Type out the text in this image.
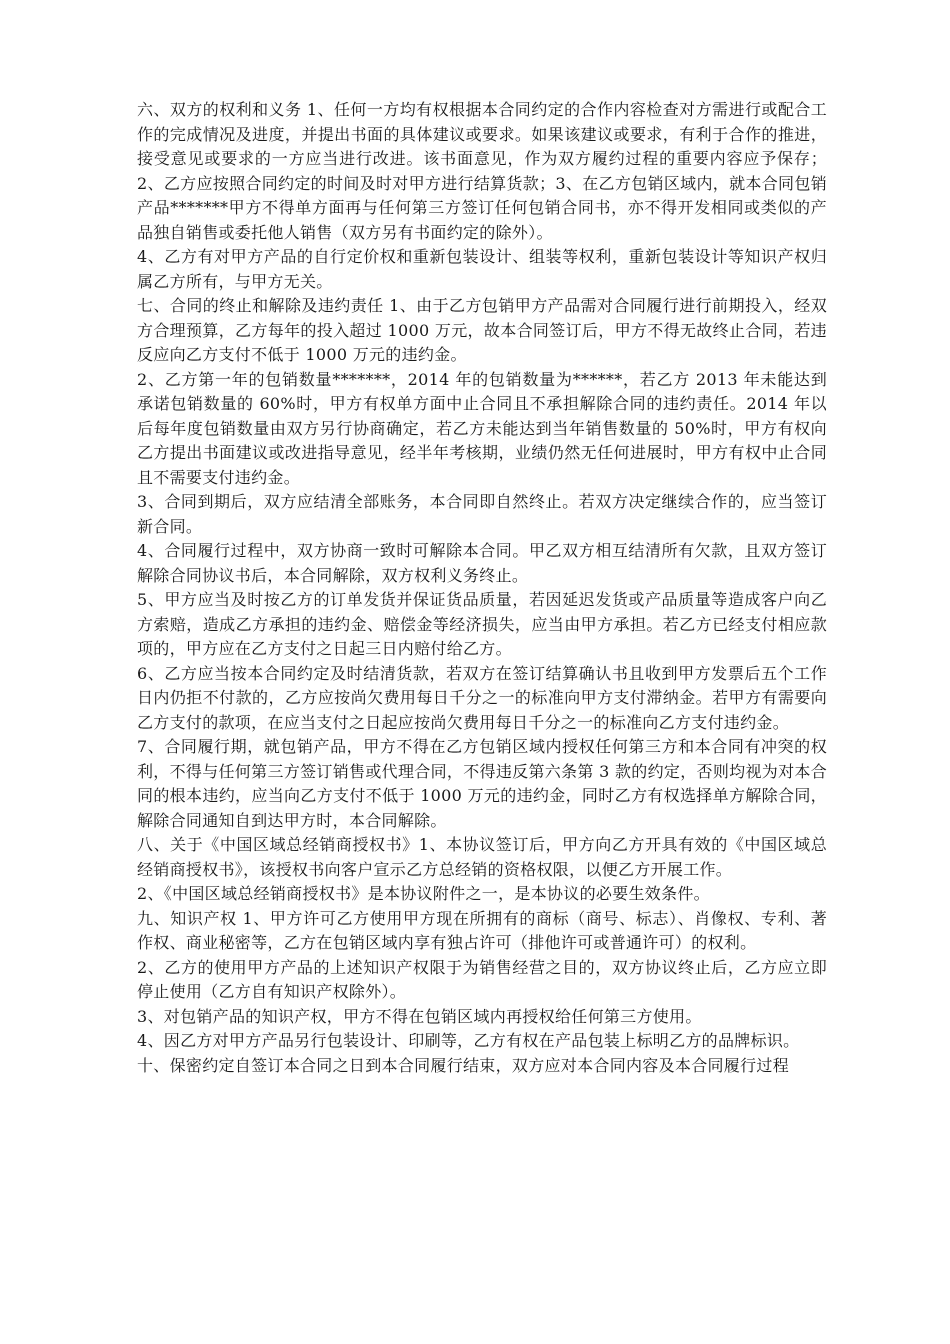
六、双方的权利和义务 1、任何一方均有权根据本合同约定的合作内容检查对方需进行或配合工作的完成情况及进度，并提出书面的具体建议或要求。如果该建议或要求，有利于合作的推进，接受意见或要求的一方应当进行改进。该书面意见，作为双方履约过程的重要内容应予保存；2、乙方应按照合同约定的时间及时对甲方进行结算货款；3、在乙方包销区域内，就本合同包销产品*******甲方不得单方面再与任何第三方签订任何包销合同书，亦不得开发相同或类似的产品独自销售或委托他人销售（双方另有书面约定的除外）。

4、乙方有对甲方产品的自行定价权和重新包装设计、组装等权利，重新包装设计等知识产权归属乙方所有，与甲方无关。

七、合同的终止和解除及违约责任 1、由于乙方包销甲方产品需对合同履行进行前期投入，经双方合理预算，乙方每年的投入超过 1000 万元，故本合同签订后，甲方不得无故终止合同，若违反应向乙方支付不低于 1000 万元的违约金。

2、乙方第一年的包销数量*******，2014 年的包销数量为******，若乙方 2013 年未能达到承诺包销数量的 60%时，甲方有权单方面中止合同且不承担解除合同的违约责任。2014 年以后每年度包销数量由双方另行协商确定，若乙方未能达到当年销售数量的 50%时，甲方有权向乙方提出书面建议或改进指导意见，经半年考核期，业绩仍然无任何进展时，甲方有权中止合同且不需要支付违约金。

3、合同到期后，双方应结清全部账务，本合同即自然终止。若双方决定继续合作的，应当签订新合同。

4、合同履行过程中，双方协商一致时可解除本合同。甲乙双方相互结清所有欠款，且双方签订解除合同协议书后，本合同解除，双方权利义务终止。

5、甲方应当及时按乙方的订单发货并保证货品质量，若因延迟发货或产品质量等造成客户向乙方索赔，造成乙方承担的违约金、赔偿金等经济损失，应当由甲方承担。若乙方已经支付相应款项的，甲方应在乙方支付之日起三日内赔付给乙方。

6、乙方应当按本合同约定及时结清货款，若双方在签订结算确认书且收到甲方发票后五个工作日内仍拒不付款的，乙方应按尚欠费用每日千分之一的标准向甲方支付滞纳金。若甲方有需要向乙方支付的款项，在应当支付之日起应按尚欠费用每日千分之一的标准向乙方支付违约金。

7、合同履行期，就包销产品，甲方不得在乙方包销区域内授权任何第三方和本合同有冲突的权利，不得与任何第三方签订销售或代理合同，不得违反第六条第 3 款的约定，否则均视为对本合同的根本违约，应当向乙方支付不低于 1000 万元的违约金，同时乙方有权选择单方解除合同，解除合同通知自到达甲方时，本合同解除。

八、关于《中国区域总经销商授权书》1、本协议签订后，甲方向乙方开具有效的《中国区域总经销商授权书》，该授权书向客户宣示乙方总经销的资格权限，以便乙方开展工作。

2、《中国区域总经销商授权书》是本协议附件之一，是本协议的必要生效条件。

九、知识产权 1、甲方许可乙方使用甲方现在所拥有的商标（商号、标志）、肖像权、专利、著作权、商业秘密等，乙方在包销区域内享有独占许可（排他许可或普通许可）的权利。

2、乙方的使用甲方产品的上述知识产权限于为销售经营之目的，双方协议终止后，乙方应立即停止使用（乙方自有知识产权除外）。

3、对包销产品的知识产权，甲方不得在包销区域内再授权给任何第三方使用。

4、因乙方对甲方产品另行包装设计、印刷等，乙方有权在产品包装上标明乙方的品牌标识。

十、保密约定自签订本合同之日到本合同履行结束，双方应对本合同内容及本合同履行过程
